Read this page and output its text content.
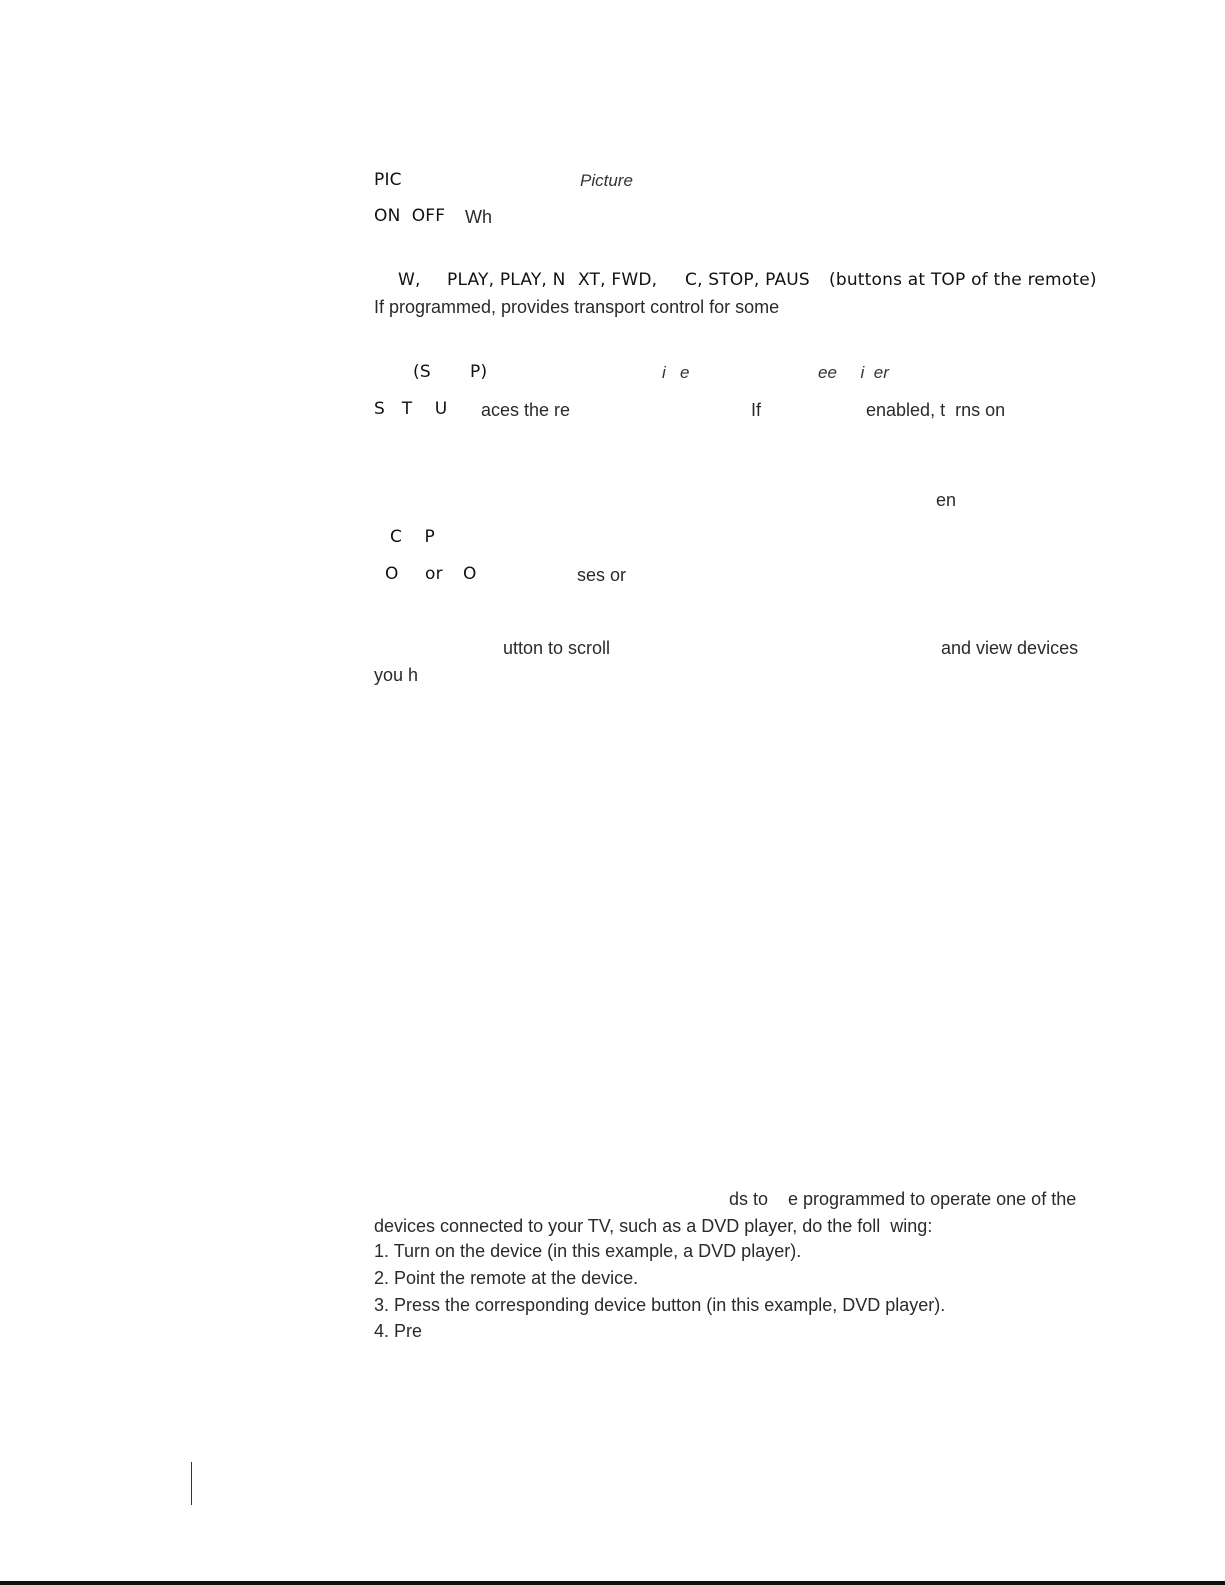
PIC	Picture
ON  OFF Wh
W, PLAY, PLAY, N XT, FWD, C, STOP, PAUS (buttons at TOP of the remote)
If programmed, provides transport control for some
(S       P)	i   e	ee     i  er
S   T    U aces the re	If	enabled, t  rns on
en
C    P
O or O	ses or
utton to scroll	and view devices
you h
ds to    e programmed to operate one of the
devices connected to your TV, such as a DVD player, do the foll  wing:
1. Turn on the device (in this example, a DVD player).
2. Point the remote at the device.
3. Press the corresponding device button (in this example, DVD player).
4. Pre
